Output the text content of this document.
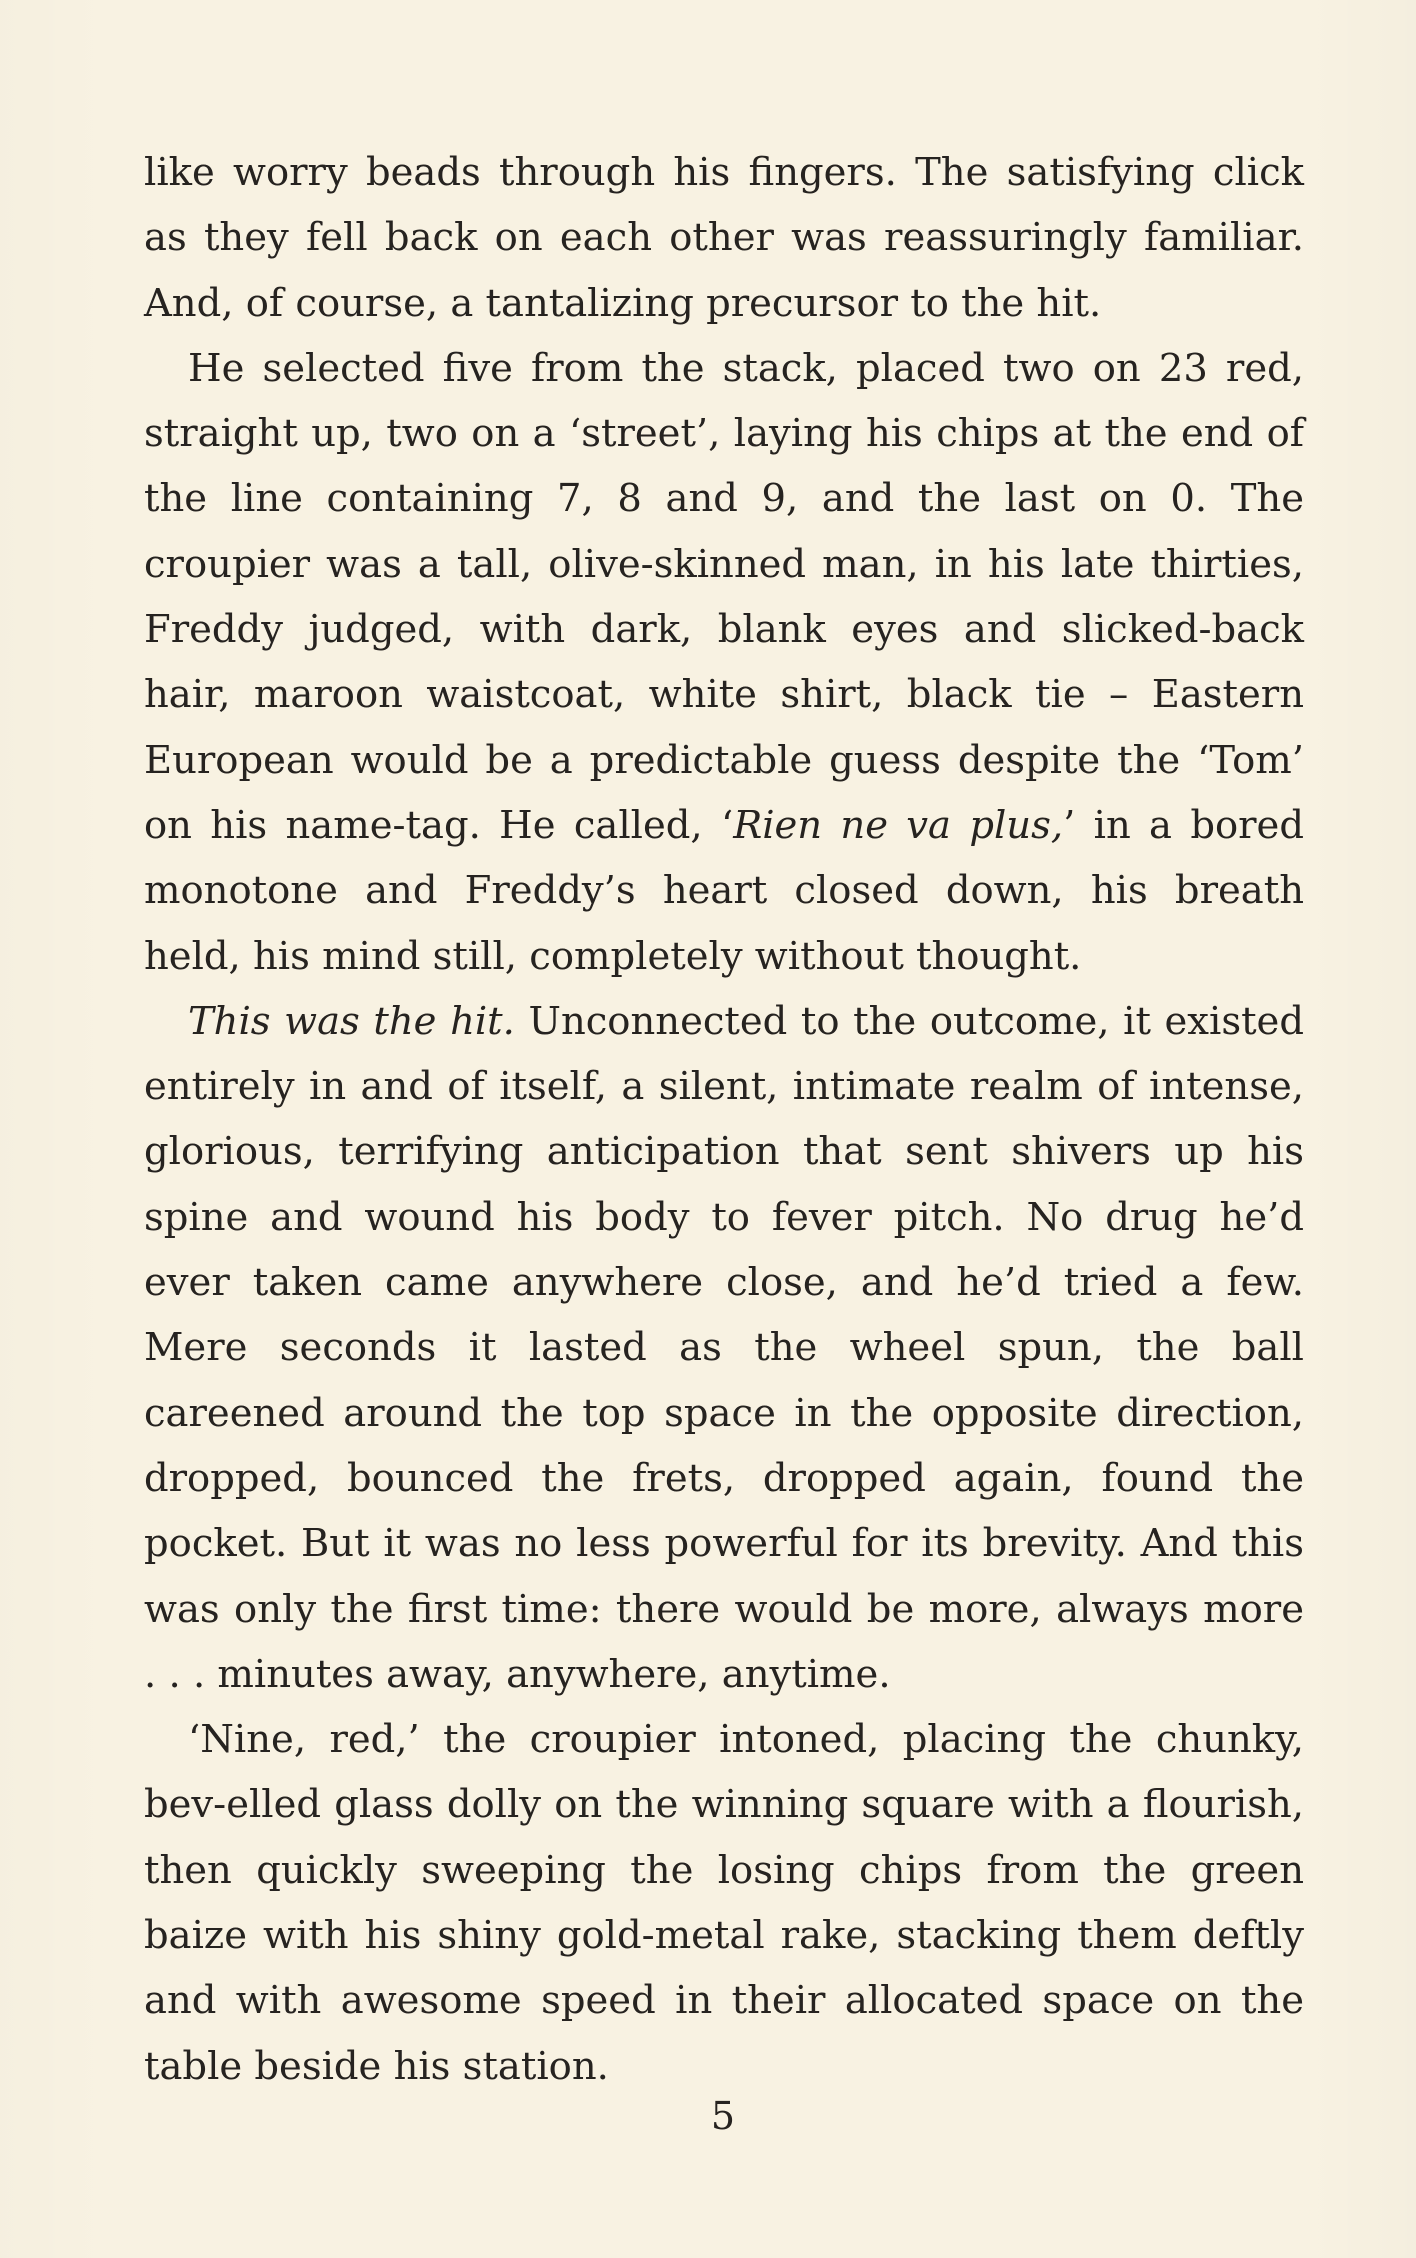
like worry beads through his fingers. The satisfying click as they fell back on each other was reassuringly familiar. And, of course, a tantalizing precursor to the hit.

He selected five from the stack, placed two on 23 red, straight up, two on a ‘street’, laying his chips at the end of the line containing 7, 8 and 9, and the last on 0. The croupier was a tall, olive-skinned man, in his late thirties, Freddy judged, with dark, blank eyes and slicked-back hair, maroon waistcoat, white shirt, black tie – Eastern European would be a predictable guess despite the ‘Tom’ on his name-tag. He called, ‘Rien ne va plus,’ in a bored monotone and Freddy’s heart closed down, his breath held, his mind still, completely without thought.

This was the hit. Unconnected to the outcome, it existed entirely in and of itself, a silent, intimate realm of intense, glorious, terrifying anticipation that sent shivers up his spine and wound his body to fever pitch. No drug he’d ever taken came anywhere close, and he’d tried a few. Mere seconds it lasted as the wheel spun, the ball careened around the top space in the opposite direction, dropped, bounced the frets, dropped again, found the pocket. But it was no less powerful for its brevity. And this was only the first time: there would be more, always more . . . minutes away, anywhere, anytime.

‘Nine, red,’ the croupier intoned, placing the chunky, bev-elled glass dolly on the winning square with a flourish, then quickly sweeping the losing chips from the green baize with his shiny gold-metal rake, stacking them deftly and with awesome speed in their allocated space on the table beside his station.

5
